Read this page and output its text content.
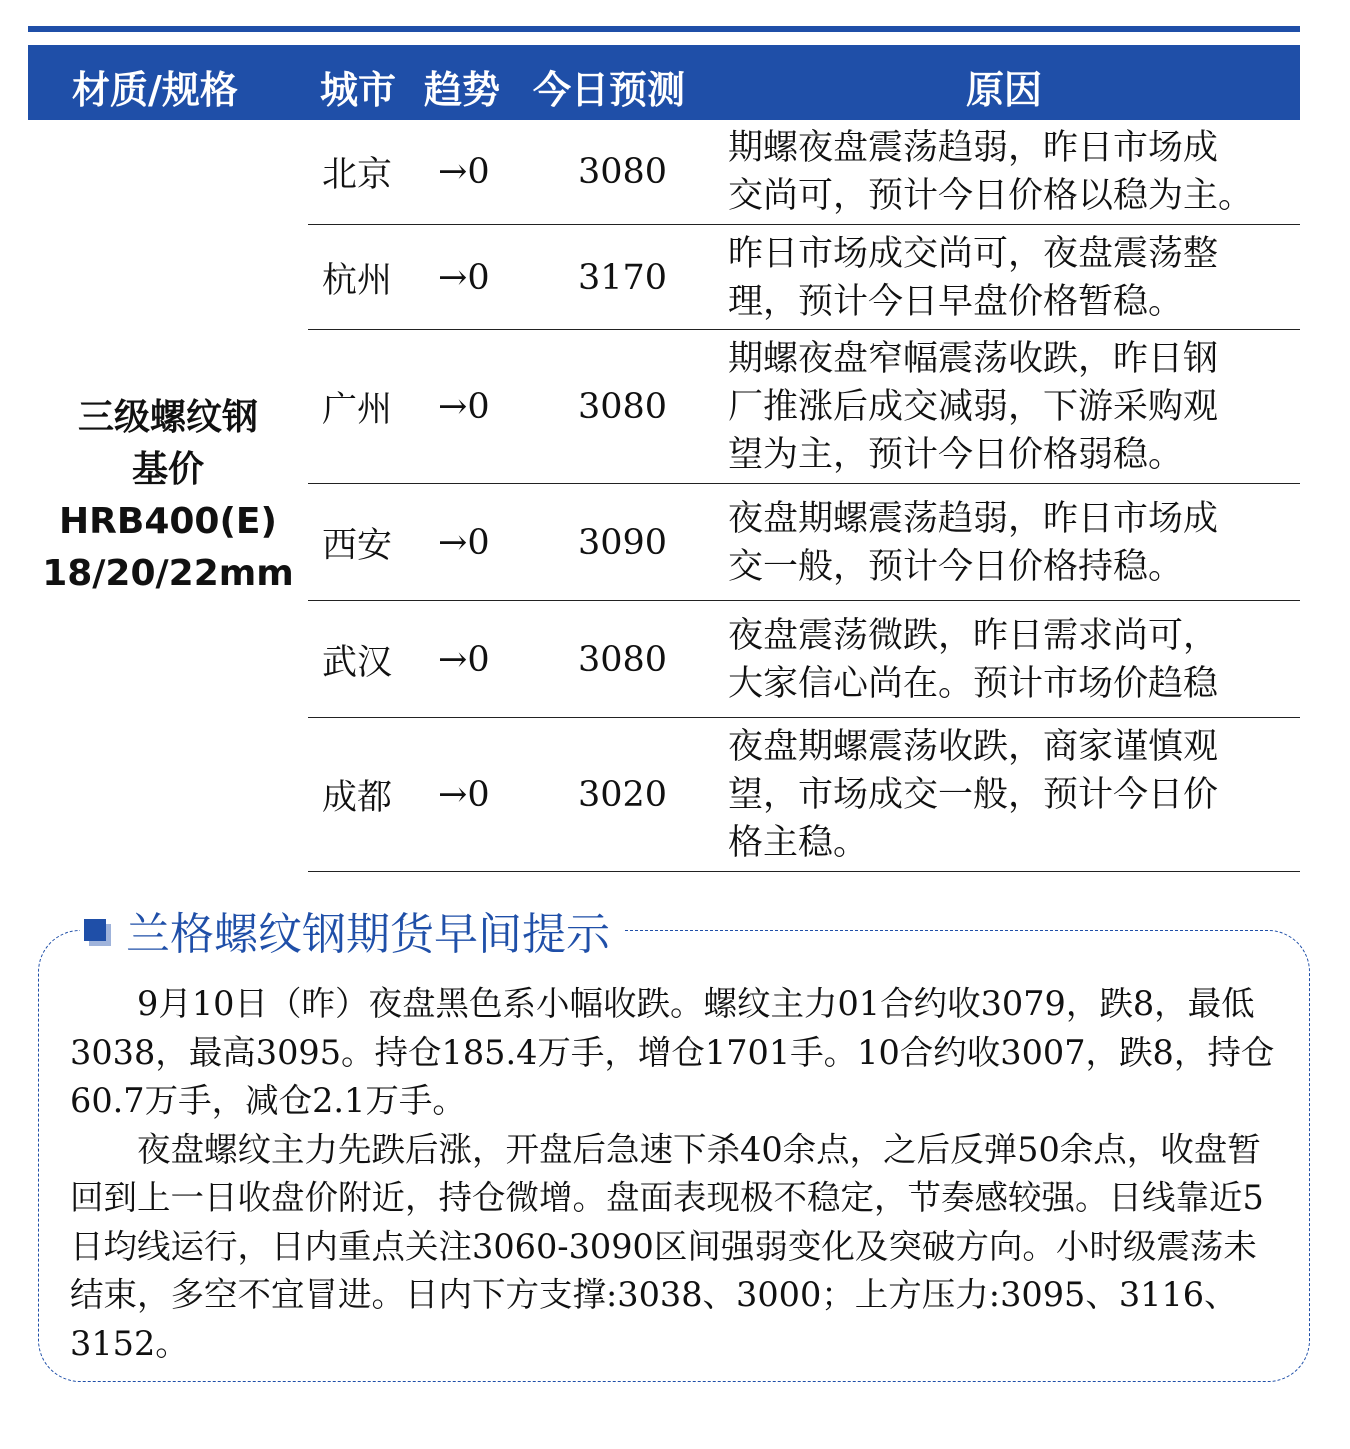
材质/规格 城市 趋势 今日预测	原因
三级螺纹钢
基价
HRB400(E)
18/20/22mm
北京 →0	3080
期螺夜盘震荡趋弱，昨日市场成
交尚可，预计今日价格以稳为主。
杭州 →0	3170
昨日市场成交尚可，夜盘震荡整
理，预计今日早盘价格暂稳。
广州 →0	3080
期螺夜盘窄幅震荡收跌，昨日钢
厂推涨后成交减弱，下游采购观
望为主，预计今日价格弱稳。
西安 →0	3090
夜盘期螺震荡趋弱，昨日市场成
交一般，预计今日价格持稳。
武汉 →0	3080
夜盘震荡微跌，昨日需求尚可，
大家信心尚在。预计市场价趋稳
成都 →0	3020
夜盘期螺震荡收跌，商家谨慎观
望，市场成交一般，预计今日价
格主稳。
兰格螺纹钢期货早间提示

9月10日（昨）夜盘黑色系小幅收跌。螺纹主力01合约收3079，跌8，最低3038，最高3095。持仓185.4万手，增仓1701手。10合约收3007，跌8，持仓60.7万手，减仓2.1万手。

夜盘螺纹主力先跌后涨，开盘后急速下杀40余点，之后反弹50余点，收盘暂回到上一日收盘价附近，持仓微增。盘面表现极不稳定，节奏感较强。日线靠近5日均线运行，日内重点关注3060-3090区间强弱变化及突破方向。小时级震荡未结束，多空不宜冒进。日内下方支撑:3038、3000；上方压力:3095、3116、3152。
